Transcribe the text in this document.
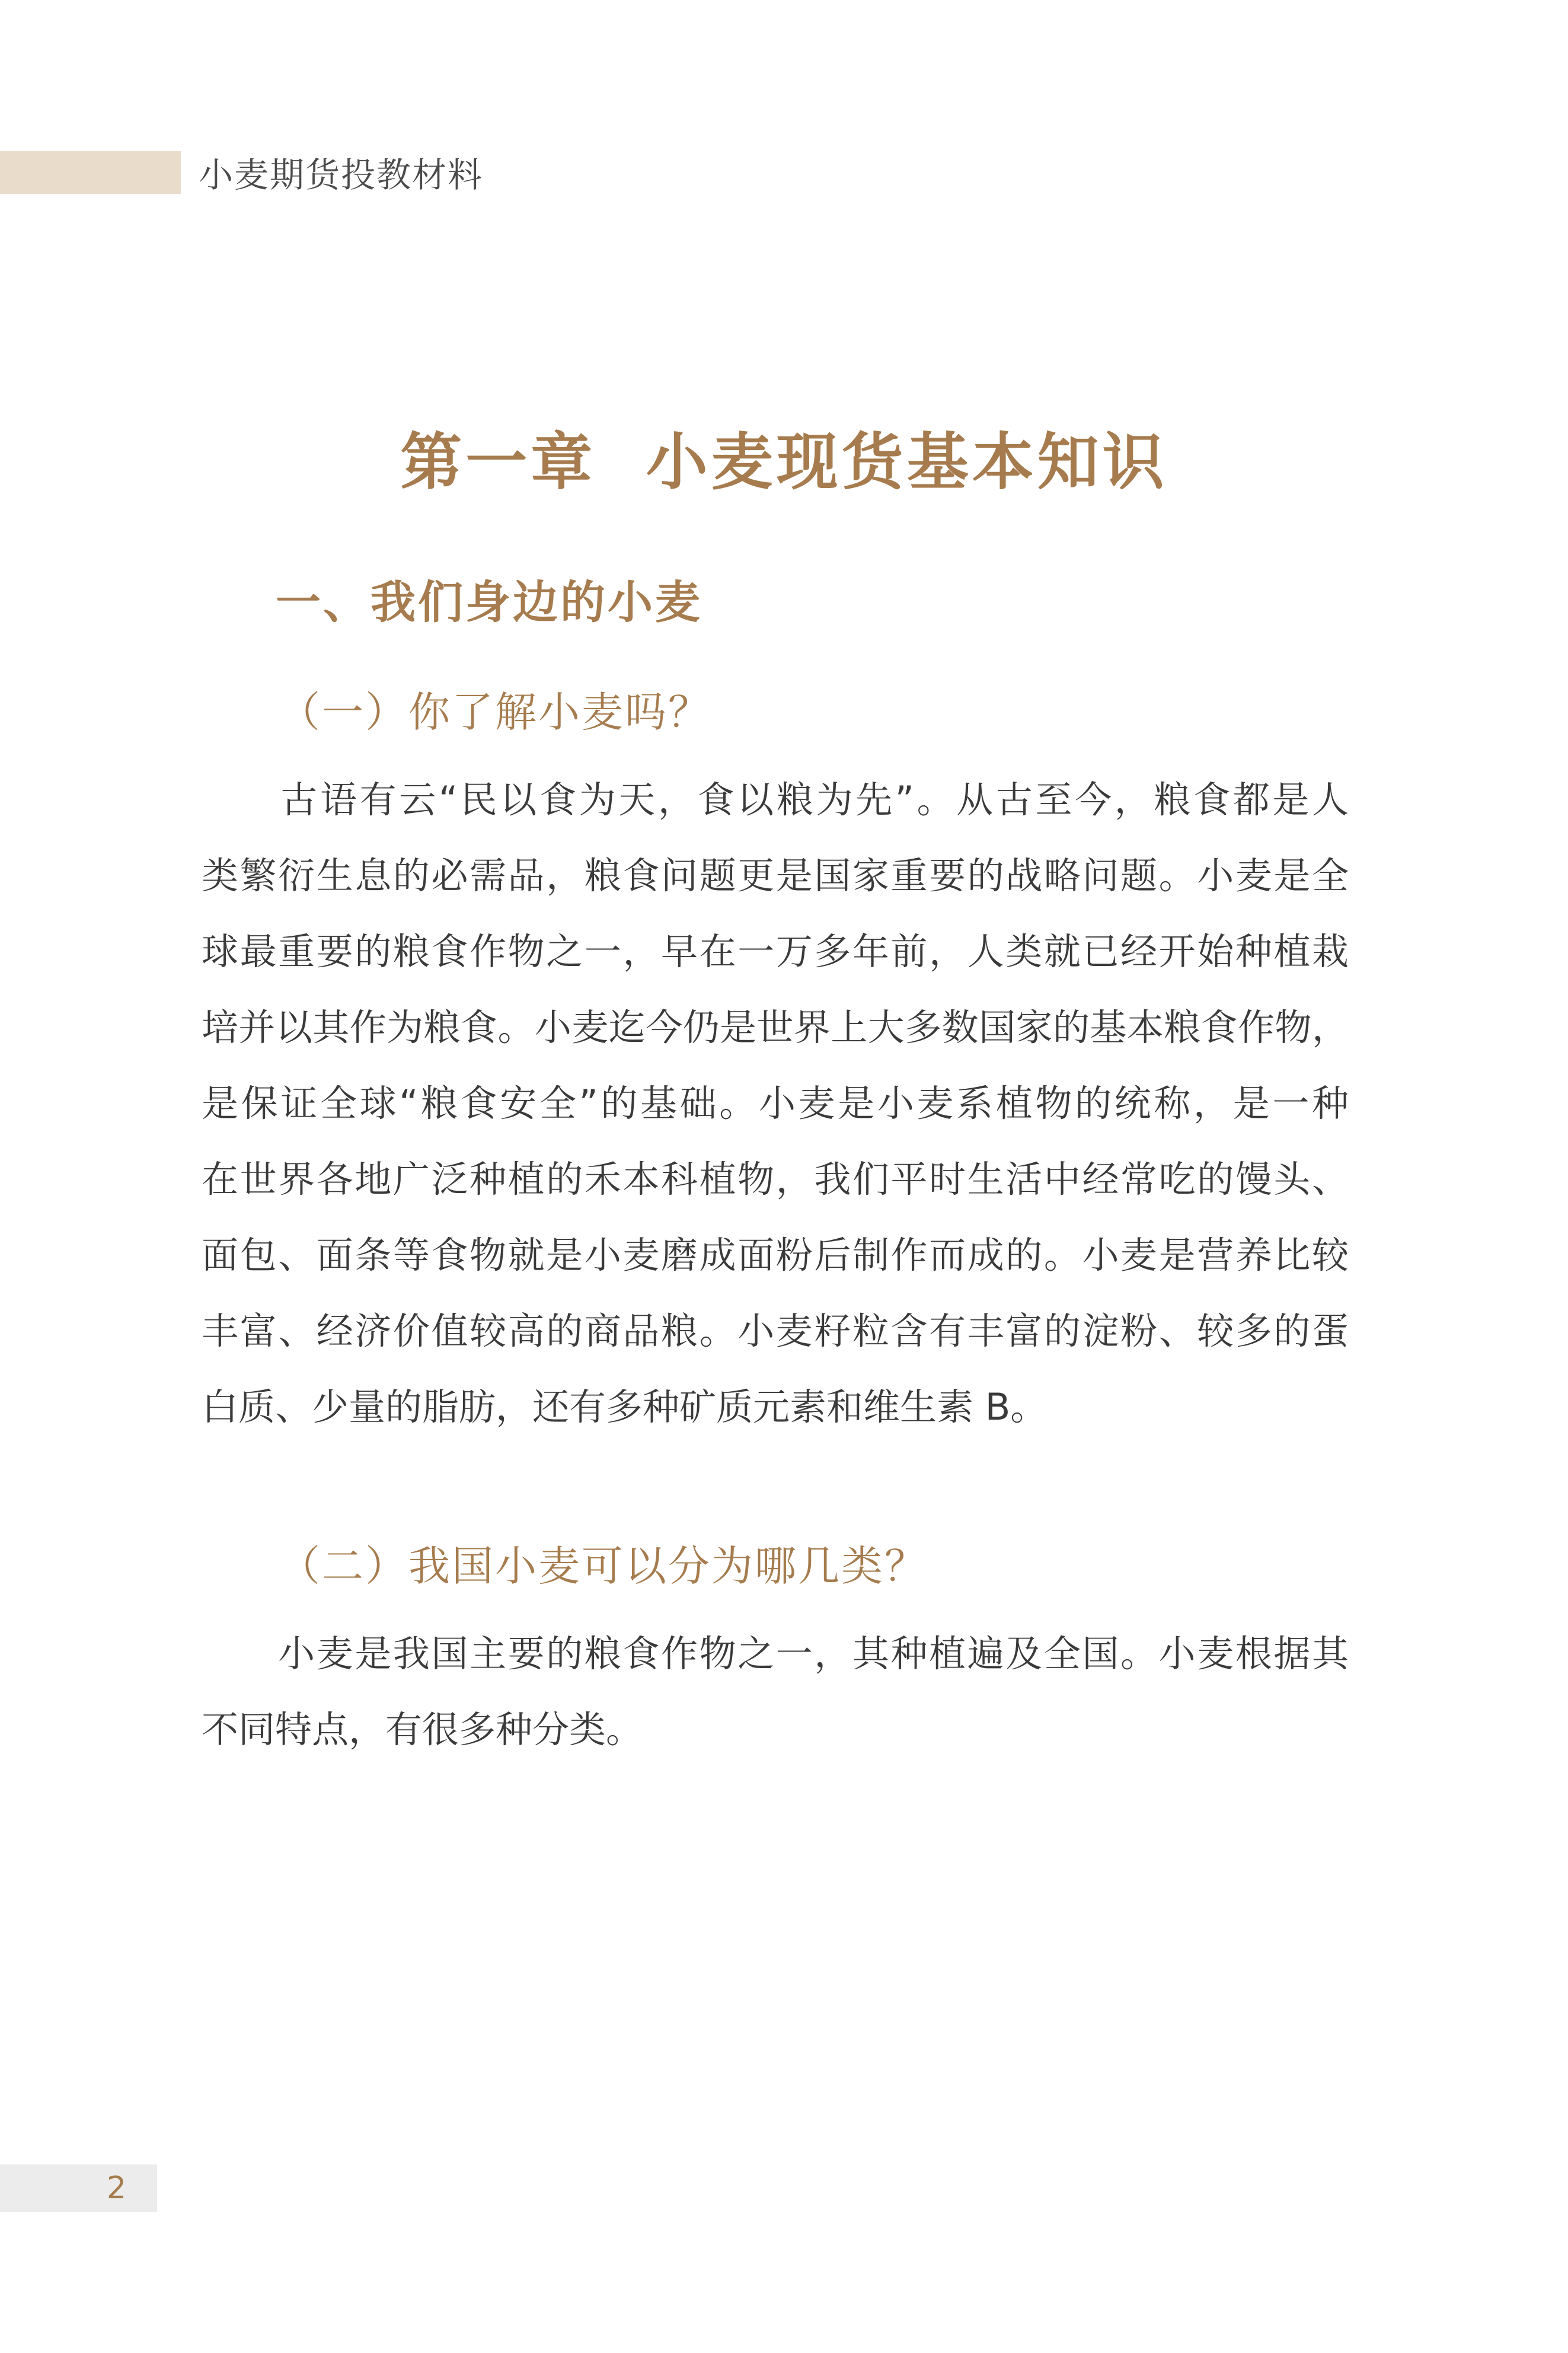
小麦期货投教材料
第一章  小麦现货基本知识
一、我们身边的小麦
（一）你了解小麦吗？
　　古语有云“民以食为天，食以粮为先”。从古至今，粮食都是人
类繁衍生息的必需品，粮食问题更是国家重要的战略问题。小麦是全
球最重要的粮食作物之一，早在一万多年前，人类就已经开始种植栽
培并以其作为粮食。小麦迄今仍是世界上大多数国家的基本粮食作物，
是保证全球“粮食安全”的基础。小麦是小麦系植物的统称，是一种
在世界各地广泛种植的禾本科植物，我们平时生活中经常吃的馒头、
面包、面条等食物就是小麦磨成面粉后制作而成的。小麦是营养比较
丰富、经济价值较高的商品粮。小麦籽粒含有丰富的淀粉、较多的蛋
白质、少量的脂肪，还有多种矿质元素和维生素 B。
（二）我国小麦可以分为哪几类？
　　小麦是我国主要的粮食作物之一，其种植遍及全国。小麦根据其
不同特点，有很多种分类。
2
